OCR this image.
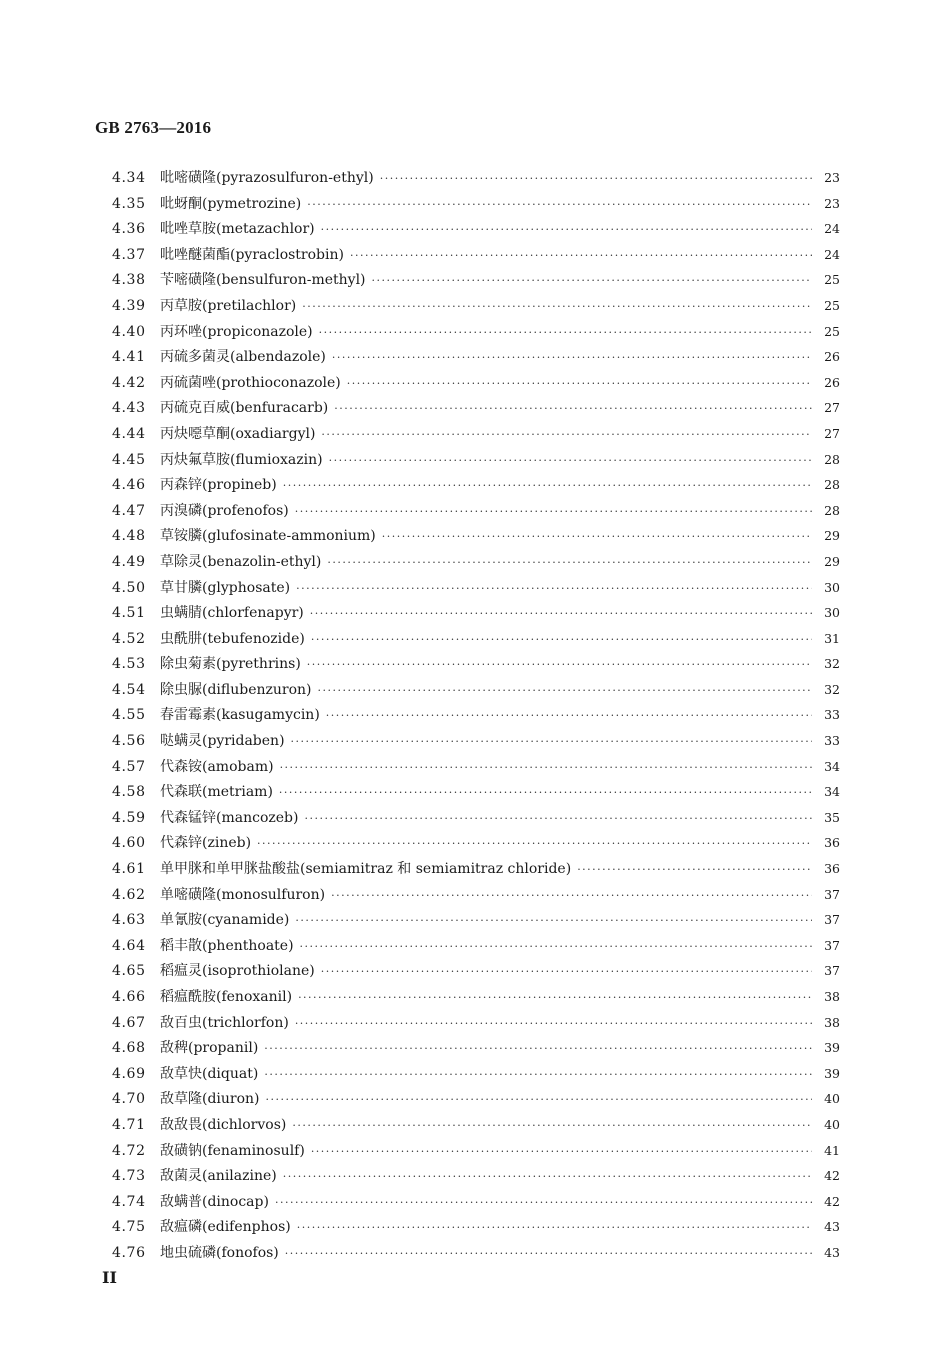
GB 2763—2016
4.34	吡嘧磺隆(pyrazosulfuron-ethyl) ·····	23
4.35	吡蚜酮(pymetrozine) ·····	23
4.36	吡唑草胺(metazachlor) ·····	24
4.37	吡唑醚菌酯(pyraclostrobin) ·····	24
4.38	苄嘧磺隆(bensulfuron-methyl) ·····	25
4.39	丙草胺(pretilachlor) ·····	25
4.40	丙环唑(propiconazole) ·····	25
4.41	丙硫多菌灵(albendazole) ·····	26
4.42	丙硫菌唑(prothioconazole) ·····	26
4.43	丙硫克百威(benfuracarb) ·····	27
4.44	丙炔噁草酮(oxadiargyl) ·····	27
4.45	丙炔氟草胺(flumioxazin) ·····	28
4.46	丙森锌(propineb) ·····	28
4.47	丙溴磷(profenofos) ·····	28
4.48	草铵膦(glufosinate-ammonium) ·····	29
4.49	草除灵(benazolin-ethyl) ·····	29
4.50	草甘膦(glyphosate) ·····	30
4.51	虫螨腈(chlorfenapyr) ·····	30
4.52	虫酰肼(tebufenozide) ·····	31
4.53	除虫菊素(pyrethrins) ·····	32
4.54	除虫脲(diflubenzuron) ·····	32
4.55	春雷霉素(kasugamycin) ·····	33
4.56	哒螨灵(pyridaben) ·····	33
4.57	代森铵(amobam) ·····	34
4.58	代森联(metriam) ·····	34
4.59	代森锰锌(mancozeb) ·····	35
4.60	代森锌(zineb) ·····	36
4.61	单甲脒和单甲脒盐酸盐(semiamitraz 和 semiamitraz chloride) ·····	36
4.62	单嘧磺隆(monosulfuron) ·····	37
4.63	单氰胺(cyanamide) ·····	37
4.64	稻丰散(phenthoate) ·····	37
4.65	稻瘟灵(isoprothiolane) ·····	37
4.66	稻瘟酰胺(fenoxanil) ·····	38
4.67	敌百虫(trichlorfon) ·····	38
4.68	敌稗(propanil) ·····	39
4.69	敌草快(diquat) ·····	39
4.70	敌草隆(diuron) ·····	40
4.71	敌敌畏(dichlorvos) ·····	40
4.72	敌磺钠(fenaminosulf) ·····	41
4.73	敌菌灵(anilazine) ·····	42
4.74	敌螨普(dinocap) ·····	42
4.75	敌瘟磷(edifenphos) ·····	43
4.76	地虫硫磷(fonofos) ·····	43
II
